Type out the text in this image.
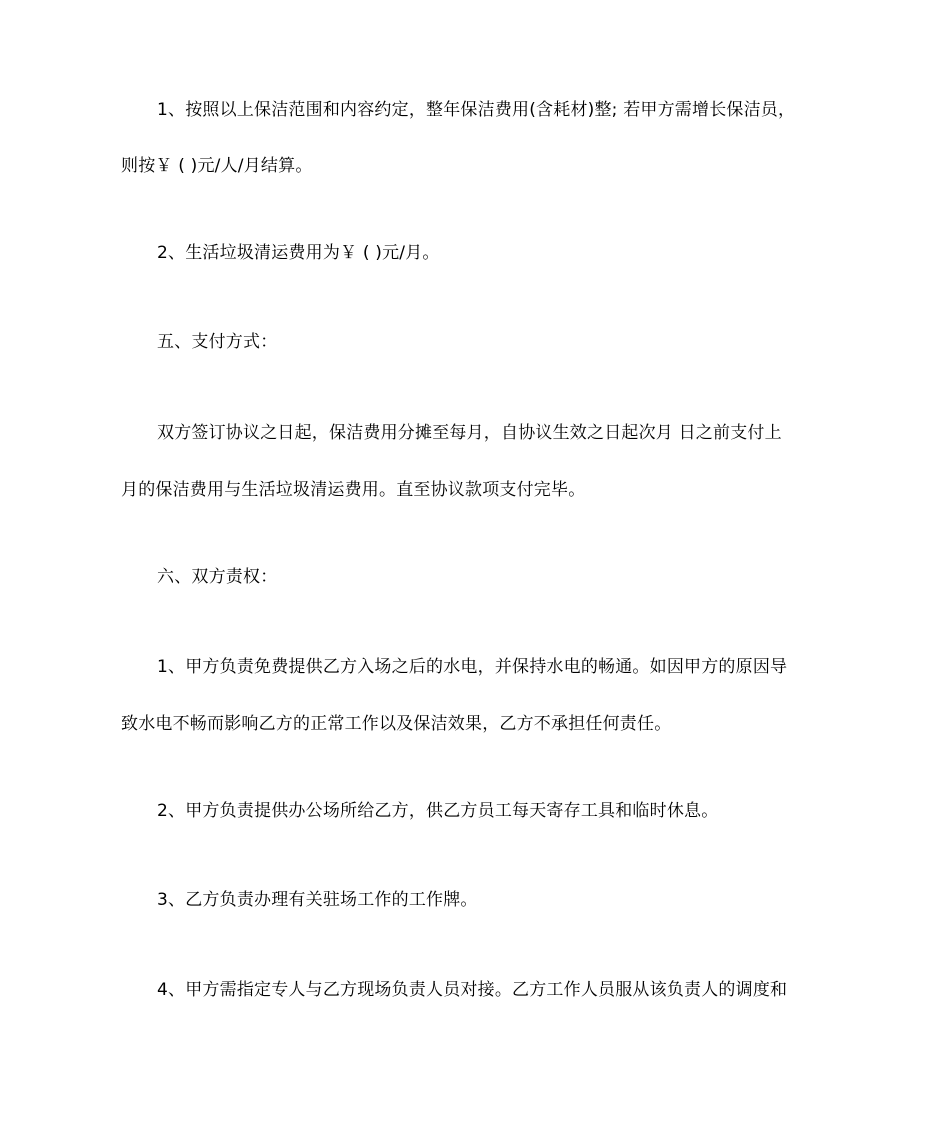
1、按照以上保洁范围和内容约定，整年保洁费用(含耗材)整; 若甲方需增长保洁员，
则按￥ ( )元/人/月结算。
2、生活垃圾清运费用为￥ ( )元/月。
五、支付方式：
双方签订协议之日起，保洁费用分摊至每月，自协议生效之日起次月 日之前支付上
月的保洁费用与生活垃圾清运费用。直至协议款项支付完毕。
六、双方责权：
1、甲方负责免费提供乙方入场之后的水电，并保持水电的畅通。如因甲方的原因导
致水电不畅而影响乙方的正常工作以及保洁效果，乙方不承担任何责任。
2、甲方负责提供办公场所给乙方，供乙方员工每天寄存工具和临时休息。
3、乙方负责办理有关驻场工作的工作牌。
4、甲方需指定专人与乙方现场负责人员对接。乙方工作人员服从该负责人的调度和
